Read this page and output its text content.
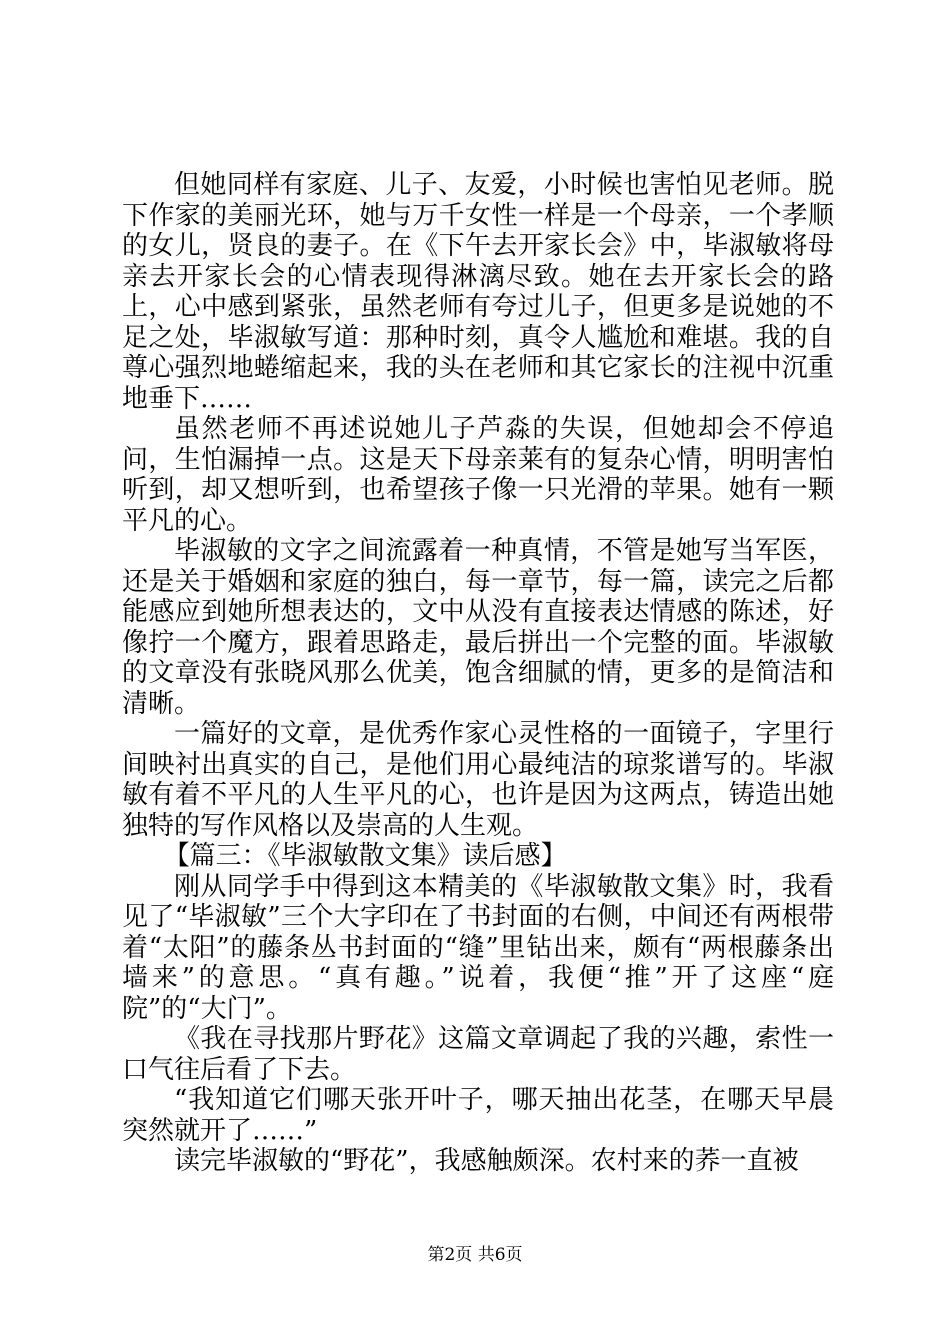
但她同样有家庭、儿子、友爱，小时候也害怕见老师。脱下作家的美丽光环，她与万千女性一样是一个母亲，一个孝顺的女儿，贤良的妻子。在《下午去开家长会》中，毕淑敏将母亲去开家长会的心情表现得淋漓尽致。她在去开家长会的路上，心中感到紧张，虽然老师有夸过儿子，但更多是说她的不足之处，毕淑敏写道：那种时刻，真令人尴尬和难堪。我的自尊心强烈地蜷缩起来，我的头在老师和其它家长的注视中沉重地垂下……

虽然老师不再述说她儿子芦淼的失误，但她却会不停追问，生怕漏掉一点。这是天下母亲莱有的复杂心情，明明害怕听到，却又想听到，也希望孩子像一只光滑的苹果。她有一颗平凡的心。

毕淑敏的文字之间流露着一种真情，不管是她写当军医，还是关于婚姻和家庭的独白，每一章节，每一篇，读完之后都能感应到她所想表达的，文中从没有直接表达情感的陈述，好像拧一个魔方，跟着思路走，最后拼出一个完整的面。毕淑敏的文章没有张晓风那么优美，饱含细腻的情，更多的是简洁和清晰。

一篇好的文章，是优秀作家心灵性格的一面镜子，字里行间映衬出真实的自己，是他们用心最纯洁的琼浆谱写的。毕淑敏有着不平凡的人生平凡的心，也许是因为这两点，铸造出她独特的写作风格以及崇高的人生观。

【篇三：《毕淑敏散文集》读后感】

刚从同学手中得到这本精美的《毕淑敏散文集》时，我看见了“毕淑敏”三个大字印在了书封面的右侧，中间还有两根带着“太阳”的藤条丛书封面的“缝”里钻出来，颇有“两根藤条出墙来”的意思。“真有趣。”说着，我便“推”开了这座“庭院”的“大门”。

《我在寻找那片野花》这篇文章调起了我的兴趣，索性一口气往后看了下去。

“我知道它们哪天张开叶子，哪天抽出花茎，在哪天早晨突然就开了……”

读完毕淑敏的“野花”，我感触颇深。农村来的荞一直被

第2页 共6页
